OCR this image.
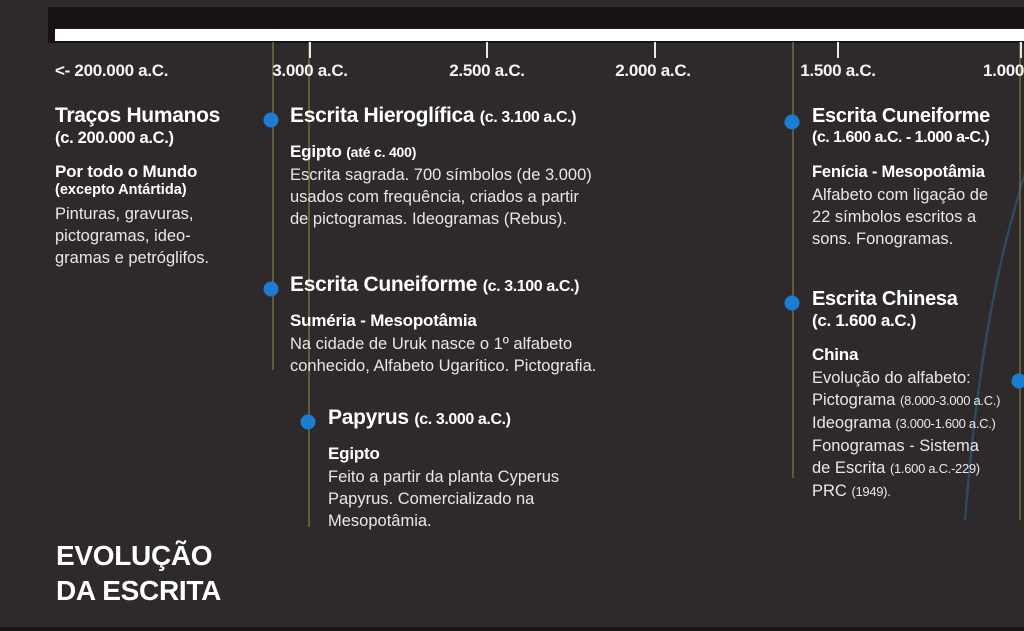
<- 200.000 a.C.	3.000 a.C.	2.500 a.C.	2.000 a.C.	1.500 a.C.	1.000
Traços Humanos
(c. 200.000 a.C.)
Por todo o Mundo
(excepto Antártida)
Pinturas, gravuras,
pictogramas, ideo-
gramas e petróglifos.
Escrita Hieroglífica (c. 3.100 a.C.)
Egipto (até c. 400)
Escrita sagrada. 700 símbolos (de 3.000)
usados com frequência, criados a partir
de pictogramas. Ideogramas (Rebus).
Escrita Cuneiforme (c. 3.100 a.C.)
Suméria - Mesopotâmia
Na cidade de Uruk nasce o 1º alfabeto
conhecido, Alfabeto Ugarítico. Pictografia.
Papyrus (c. 3.000 a.C.)
Egipto
Feito a partir da planta Cyperus
Papyrus. Comercializado na
Mesopotâmia.
Escrita Cuneiforme
(c. 1.600 a.C. - 1.000 a-C.)
Fenícia - Mesopotâmia
Alfabeto com ligação de
22 símbolos escritos a
sons. Fonogramas.
Escrita Chinesa
(c. 1.600 a.C.)
China
Evolução do alfabeto:
Pictograma (8.000-3.000 a.C.)
Ideograma (3.000-1.600 a.C.)
Fonogramas - Sistema
de Escrita (1.600 a.C.-229)
PRC (1949).
EVOLUÇÃO
DA ESCRITA
